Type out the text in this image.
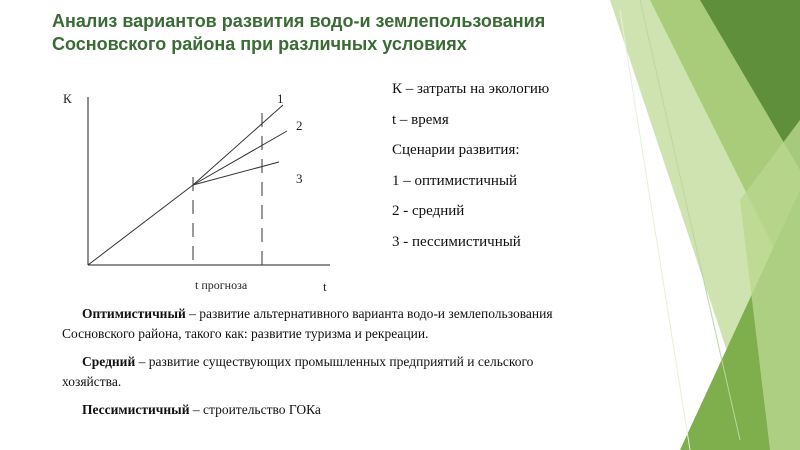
Анализ вариантов развития водо-и землепользования
Сосновского района при различных условиях
К
t
1
2
3
t прогноза
К – затраты на экологию
t – время
Сценарии развития:
1 – оптимистичный
2 - средний
3 - пессимистичный

Оптимистичный – развитие альтернативного варианта водо-и землепользования Сосновского района, такого как: развитие туризма и рекреации.

Средний – развитие существующих промышленных предприятий и сельского хозяйства.

Пессимистичный – строительство ГОКа
